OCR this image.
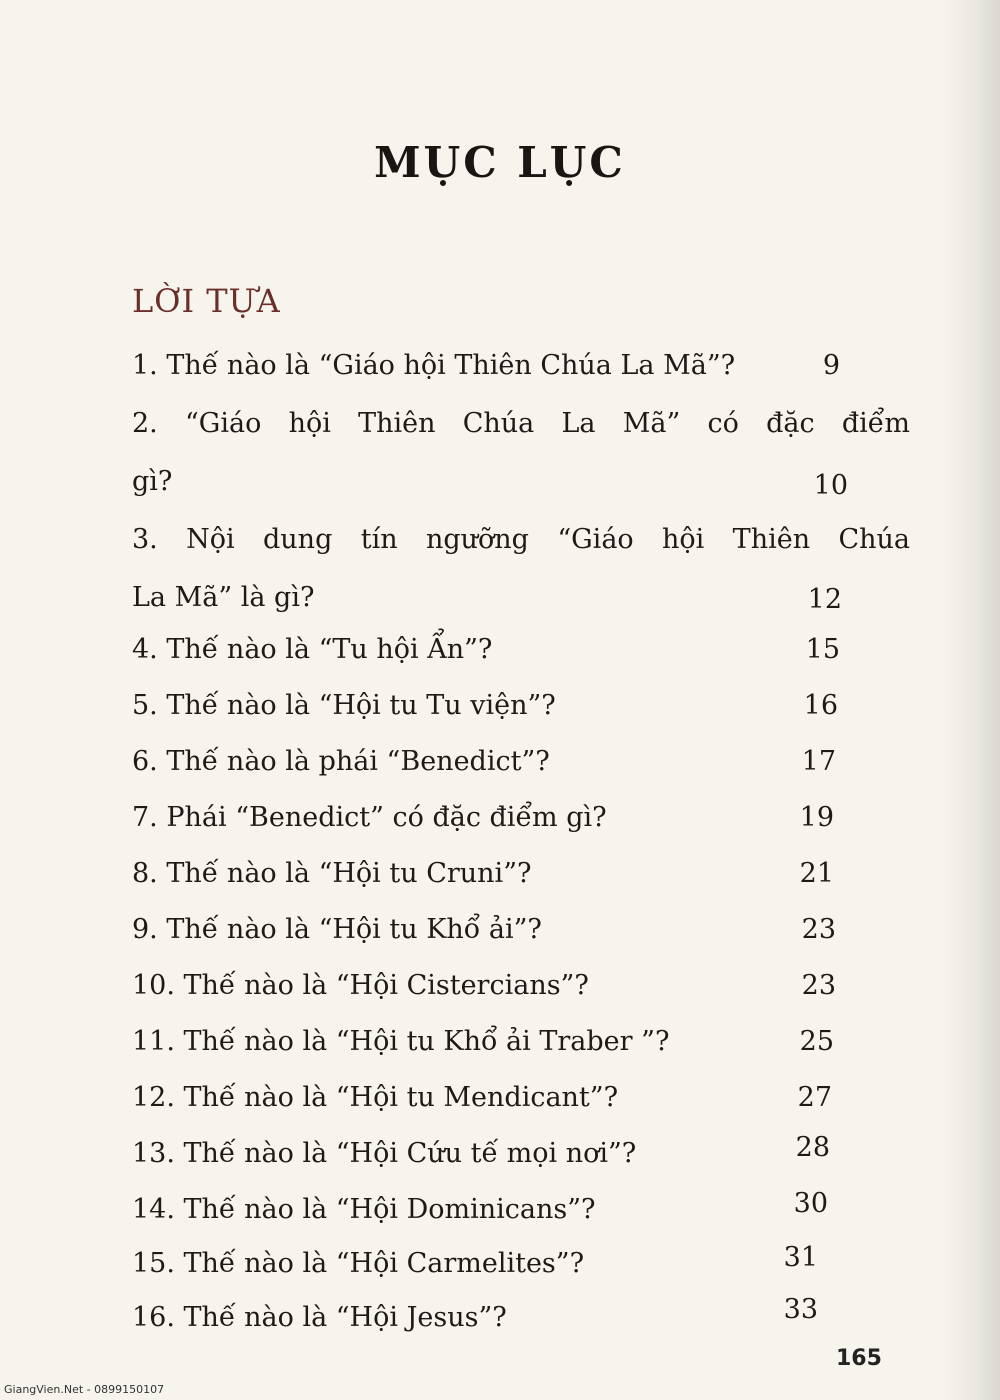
MỤC LỤC
LỜI TỰA
1. Thế nào là “Giáo hội Thiên Chúa La Mã”?	9
2. “Giáo hội Thiên Chúa La Mã” có đặc điểm
gì?	10
3. Nội dung tín ngưỡng “Giáo hội Thiên Chúa
La Mã” là gì?	12
4. Thế nào là “Tu hội Ẩn”?	15
5. Thế nào là “Hội tu Tu viện”?	16
6. Thế nào là phái “Benedict”?	17
7. Phái “Benedict” có đặc điểm gì?	19
8. Thế nào là “Hội tu Cruni”?	21
9. Thế nào là “Hội tu Khổ ải”?	23
10. Thế nào là “Hội Cistercians”?	23
11. Thế nào là “Hội tu Khổ ải Traber ”?	25
12. Thế nào là “Hội tu Mendicant”?	27
13. Thế nào là “Hội Cứu tế mọi nơi”?	28
14. Thế nào là “Hội Dominicans”?	30
15. Thế nào là “Hội Carmelites”?	31
16. Thế nào là “Hội Jesus”?	33
165
GiangVien.Net - 0899150107
